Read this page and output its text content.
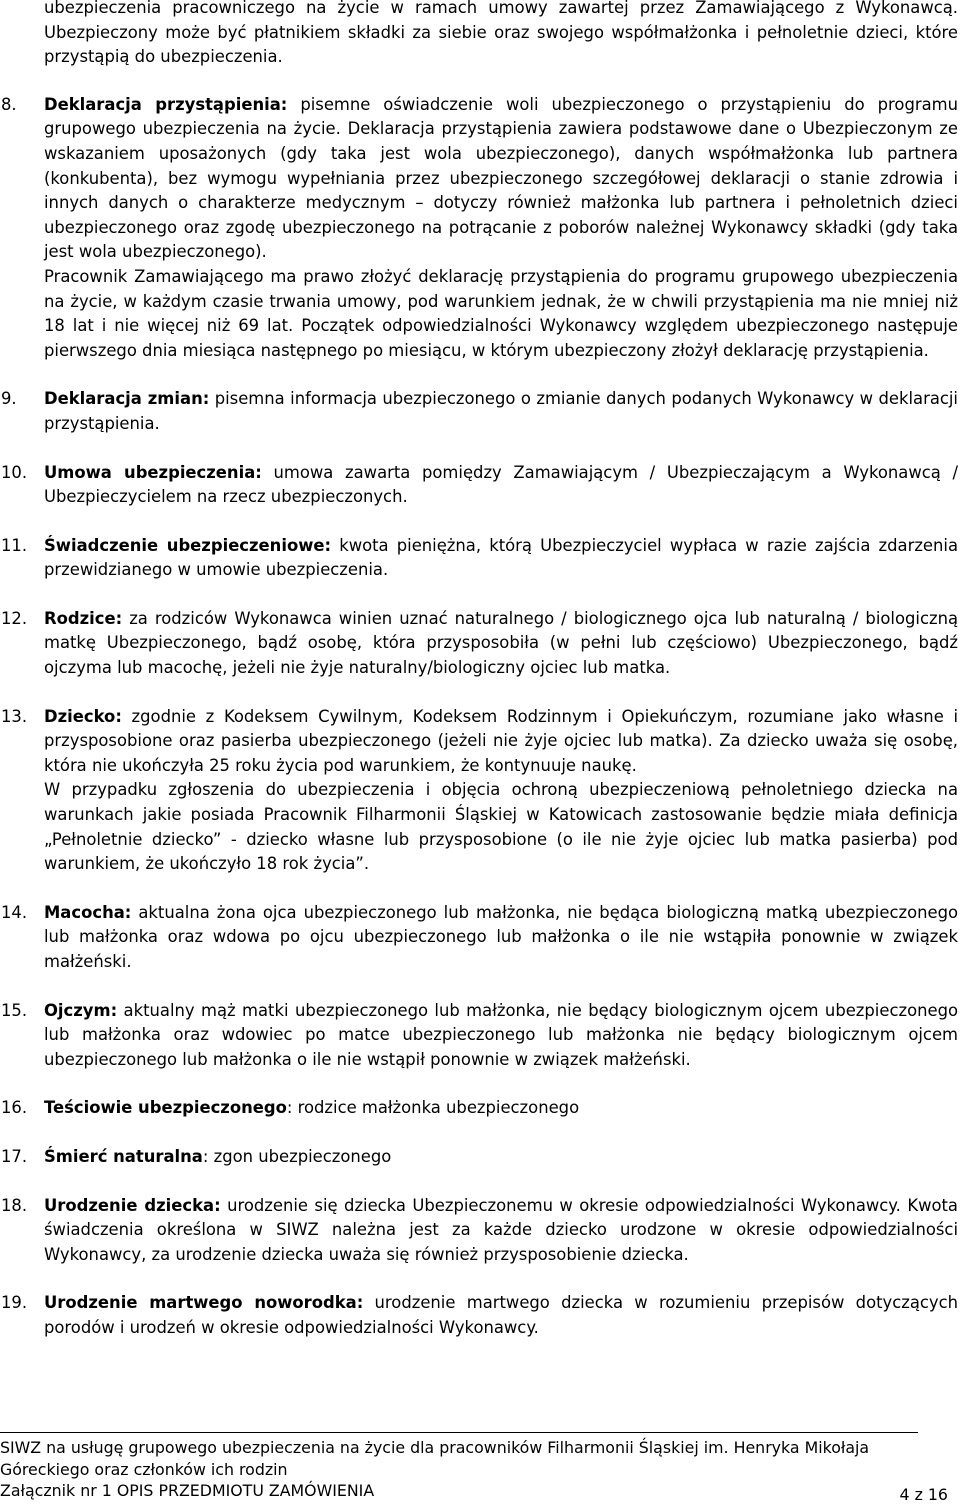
ubezpieczenia pracowniczego na życie w ramach umowy zawartej przez Zamawiającego z Wykonawcą. Ubezpieczony może być płatnikiem składki za siebie oraz swojego współmałżonka i pełnoletnie dzieci, które przystąpią do ubezpieczenia.

8. Deklaracja przystąpienia: pisemne oświadczenie woli ubezpieczonego o przystąpieniu do programu grupowego ubezpieczenia na życie. Deklaracja przystąpienia zawiera podstawowe dane o Ubezpieczonym ze wskazaniem uposażonych (gdy taka jest wola ubezpieczonego), danych współmałżonka lub partnera (konkubenta), bez wymogu wypełniania przez ubezpieczonego szczegółowej deklaracji o stanie zdrowia i innych danych o charakterze medycznym – dotyczy również małżonka lub partnera i pełnoletnich dzieci ubezpieczonego oraz zgodę ubezpieczonego na potrącanie z poborów należnej Wykonawcy składki (gdy taka jest wola ubezpieczonego).

Pracownik Zamawiającego ma prawo złożyć deklarację przystąpienia do programu grupowego ubezpieczenia na życie, w każdym czasie trwania umowy, pod warunkiem jednak, że w chwili przystąpienia ma nie mniej niż 18 lat i nie więcej niż 69 lat. Początek odpowiedzialności Wykonawcy względem ubezpieczonego następuje pierwszego dnia miesiąca następnego po miesiącu, w którym ubezpieczony złożył deklarację przystąpienia.

9. Deklaracja zmian: pisemna informacja ubezpieczonego o zmianie danych podanych Wykonawcy w deklaracji przystąpienia.

10. Umowa ubezpieczenia: umowa zawarta pomiędzy Zamawiającym / Ubezpieczającym a Wykonawcą / Ubezpieczycielem na rzecz ubezpieczonych.

11. Świadczenie ubezpieczeniowe: kwota pieniężna, którą Ubezpieczyciel wypłaca w razie zajścia zdarzenia przewidzianego w umowie ubezpieczenia.

12. Rodzice: za rodziców Wykonawca winien uznać naturalnego / biologicznego ojca lub naturalną / biologiczną matkę Ubezpieczonego, bądź osobę, która przysposobiła (w pełni lub częściowo) Ubezpieczonego, bądź ojczyma lub macochę, jeżeli nie żyje naturalny/biologiczny ojciec lub matka.

13. Dziecko: zgodnie z Kodeksem Cywilnym, Kodeksem Rodzinnym i Opiekuńczym, rozumiane jako własne i przysposobione oraz pasierba ubezpieczonego (jeżeli nie żyje ojciec lub matka). Za dziecko uważa się osobę, która nie ukończyła 25 roku życia pod warunkiem, że kontynuuje naukę.

W przypadku zgłoszenia do ubezpieczenia i objęcia ochroną ubezpieczeniową pełnoletniego dziecka na warunkach jakie posiada Pracownik Filharmonii Śląskiej w Katowicach zastosowanie będzie miała definicja „Pełnoletnie dziecko” - dziecko własne lub przysposobione (o ile nie żyje ojciec lub matka pasierba) pod warunkiem, że ukończyło 18 rok życia”.

14. Macocha: aktualna żona ojca ubezpieczonego lub małżonka, nie będąca biologiczną matką ubezpieczonego lub małżonka oraz wdowa po ojcu ubezpieczonego lub małżonka o ile nie wstąpiła ponownie w związek małżeński.

15. Ojczym: aktualny mąż matki ubezpieczonego lub małżonka, nie będący biologicznym ojcem ubezpieczonego lub małżonka oraz wdowiec po matce ubezpieczonego lub małżonka nie będący biologicznym ojcem ubezpieczonego lub małżonka o ile nie wstąpił ponownie w związek małżeński.

16. Teściowie ubezpieczonego: rodzice małżonka ubezpieczonego

17. Śmierć naturalna: zgon ubezpieczonego

18. Urodzenie dziecka: urodzenie się dziecka Ubezpieczonemu w okresie odpowiedzialności Wykonawcy. Kwota świadczenia określona w SIWZ należna jest za każde dziecko urodzone w okresie odpowiedzialności Wykonawcy, za urodzenie dziecka uważa się również przysposobienie dziecka.

19. Urodzenie martwego noworodka: urodzenie martwego dziecka w rozumieniu przepisów dotyczących porodów i urodzeń w okresie odpowiedzialności Wykonawcy.

SIWZ na usługę grupowego ubezpieczenia na życie dla pracowników Filharmonii Śląskiej im. Henryka Mikołaja
Góreckiego oraz członków ich rodzin
Załącznik nr 1 OPIS PRZEDMIOTU ZAMÓWIENIA	4 z 16
